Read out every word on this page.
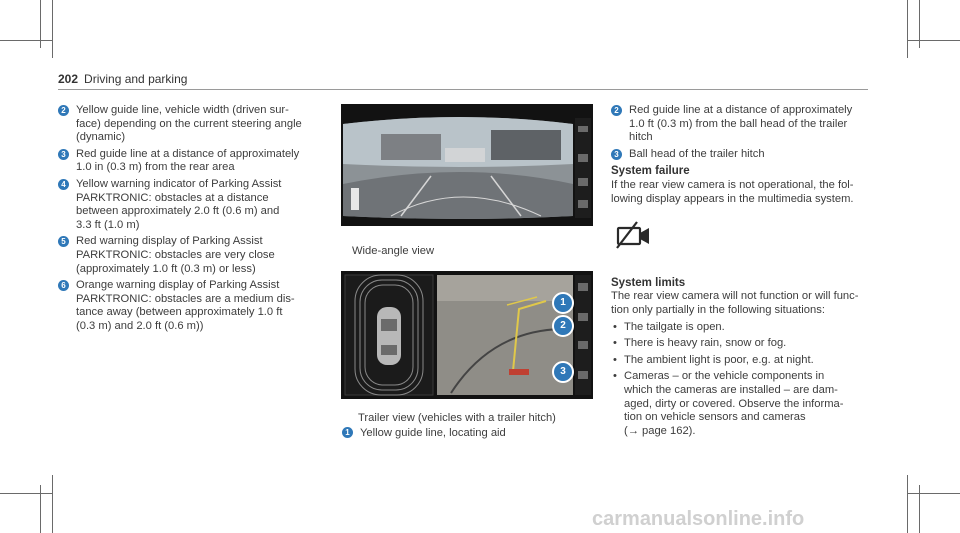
202 Driving and parking
2 Yellow guide line, vehicle width (driven sur-
face) depending on the current steering angle
(dynamic)
3 Red guide line at a distance of approximately
1.0 in (0.3 m) from the rear area
4 Yellow warning indicator of Parking Assist
PARKTRONIC: obstacles at a distance
between approximately 2.0 ft (0.6 m) and
3.3 ft (1.0 m)
5 Red warning display of Parking Assist
PARKTRONIC: obstacles are very close
(approximately 1.0 ft (0.3 m) or less)
6 Orange warning display of Parking Assist
PARKTRONIC: obstacles are a medium dis-
tance away (between approximately 1.0 ft
(0.3 m) and 2.0 ft (0.6 m))
Wide-angle view
1
2
3
Trailer view (vehicles with a trailer hitch)
1 Yellow guide line, locating aid
2 Red guide line at a distance of approximately
1.0 ft (0.3 m) from the ball head of the trailer
hitch
3 Ball head of the trailer hitch
System failure
If the rear view camera is not operational, the fol-
lowing display appears in the multimedia system.
System limits
The rear view camera will not function or will func-
tion only partially in the following situations:
• The tailgate is open.
• There is heavy rain, snow or fog.
• The ambient light is poor, e.g. at night.
• Cameras – or the vehicle components in
which the cameras are installed – are dam-
aged, dirty or covered. Observe the informa-
tion on vehicle sensors and cameras
(→ page 162).
carmanualsonline.info
